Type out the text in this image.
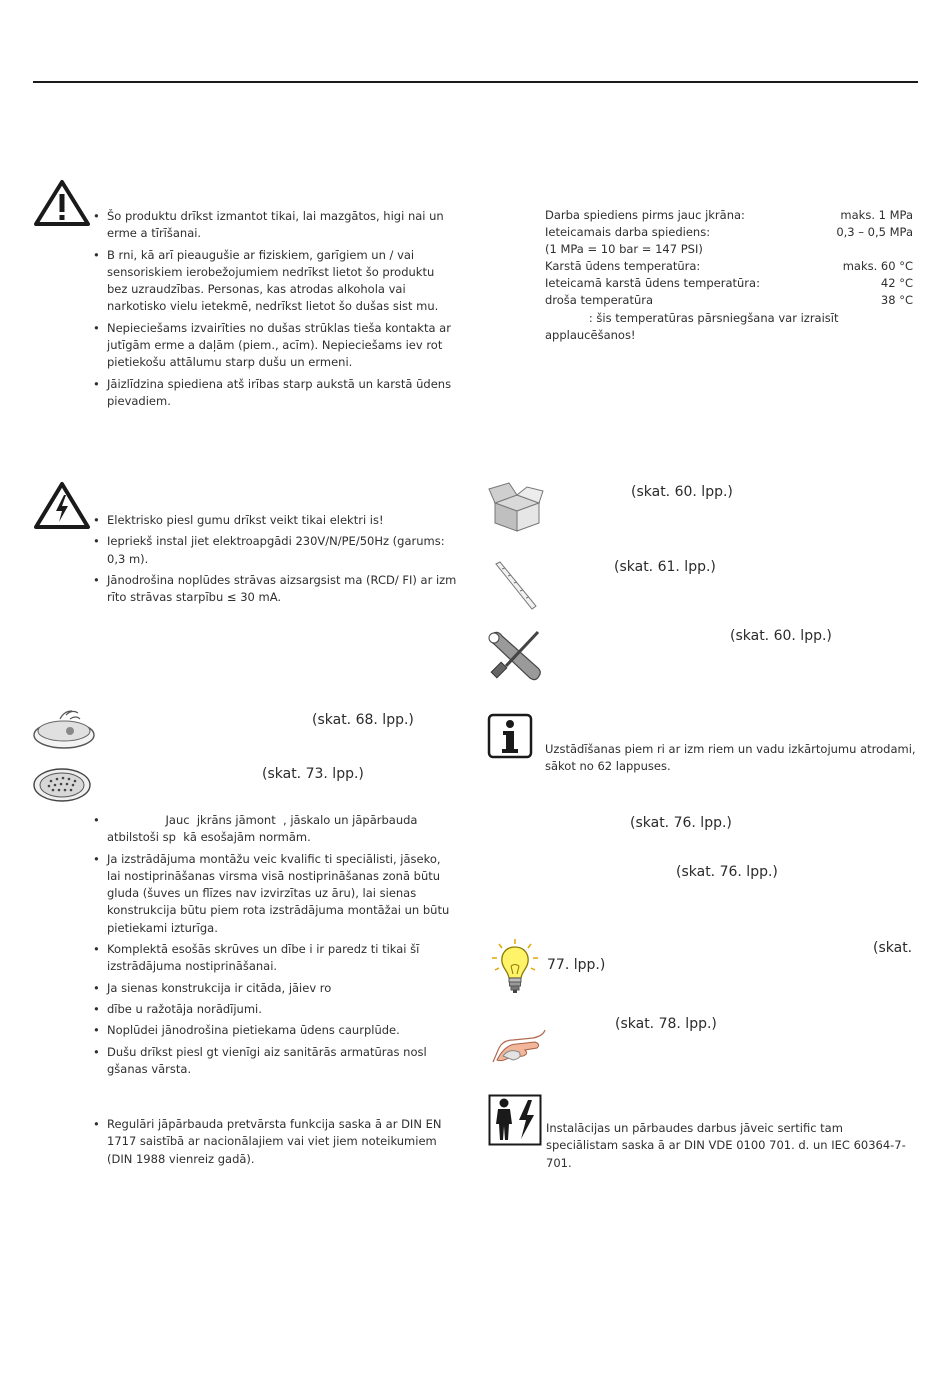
• Šo produktu drīkst izmantot tikai, lai mazgātos, higi nai un erme a tīrīšanai.
• B rni, kā arī pieaugušie ar fiziskiem, garīgiem un / vai sensoriskiem ierobežojumiem nedrīkst lietot šo produktu bez uzraudzības. Personas, kas atrodas alkohola vai narkotisko vielu ietekmē, nedrīkst lietot šo dušas sist mu.
• Nepieciešams izvairīties no dušas strūklas tieša kontakta ar jutīgām erme a daļām (piem., acīm). Nepieciešams iev rot pietiekošu attālumu starp dušu un ermeni.
• Jāizlīdzina spiediena atš irības starp aukstā un karstā ūdens pievadiem.
Darba spiediens pirms jauc jkrāna:	maks. 1 MPa
Ieteicamais darba spiediens:	0,3 – 0,5 MPa
(1 MPa = 10 bar = 147 PSI)
Karstā ūdens temperatūra:	maks. 60 °C
Ieteicamā karstā ūdens temperatūra:	42 °C
droša temperatūra	38 °C
: šis temperatūras pārsniegšana var izraisīt applaucēšanos!
• Elektrisko piesl gumu drīkst veikt tikai elektri is!
• Iepriekš instal jiet elektroapgādi 230V/N/PE/50Hz (garums: 0,3 m).
• Jānodrošina noplūdes strāvas aizsargsist ma (RCD/ FI) ar izm rīto strāvas starpību ≤ 30 mA.
(skat. 60. lpp.)
(skat. 61. lpp.)
(skat. 60. lpp.)
(skat. 68. lpp.)
(skat. 73. lpp.)
•                 Jauc  jkrāns jāmont  , jāskalo un jāpārbauda atbilstoši sp  kā esošajām normām.
• Ja izstrādājuma montāžu veic kvalific ti speciālisti, jāseko, lai nostiprināšanas virsma visā nostiprināšanas zonā būtu gluda (šuves un flīzes nav izvirzītas uz āru), lai sienas konstrukcija būtu piem rota izstrādājuma montāžai un būtu pietiekami izturīga.
• Komplektā esošās skrūves un dībe i ir paredz ti tikai šī izstrādājuma nostiprināšanai.
• Ja sienas konstrukcija ir citāda, jāiev ro
• dībe u ražotāja norādījumi.
• Noplūdei jānodrošina pietiekama ūdens caurplūde.
• Dušu drīkst piesl gt vienīgi aiz sanitārās armatūras nosl gšanas vārsta.
• Regulāri jāpārbauda pretvārsta funkcija saska ā ar DIN EN 1717 saistībā ar nacionālajiem vai viet jiem noteikumiem (DIN 1988 vienreiz gadā).
Uzstādīšanas piem ri ar izm riem un vadu izkārtojumu atrodami, sākot no 62 lappuses.
(skat. 76. lpp.)
(skat. 76. lpp.)
(skat.
77. lpp.)
(skat. 78. lpp.)
Instalācijas un pārbaudes darbus jāveic sertific tam speciālistam saska ā ar DIN VDE 0100 701. d. un IEC 60364-7-701.
